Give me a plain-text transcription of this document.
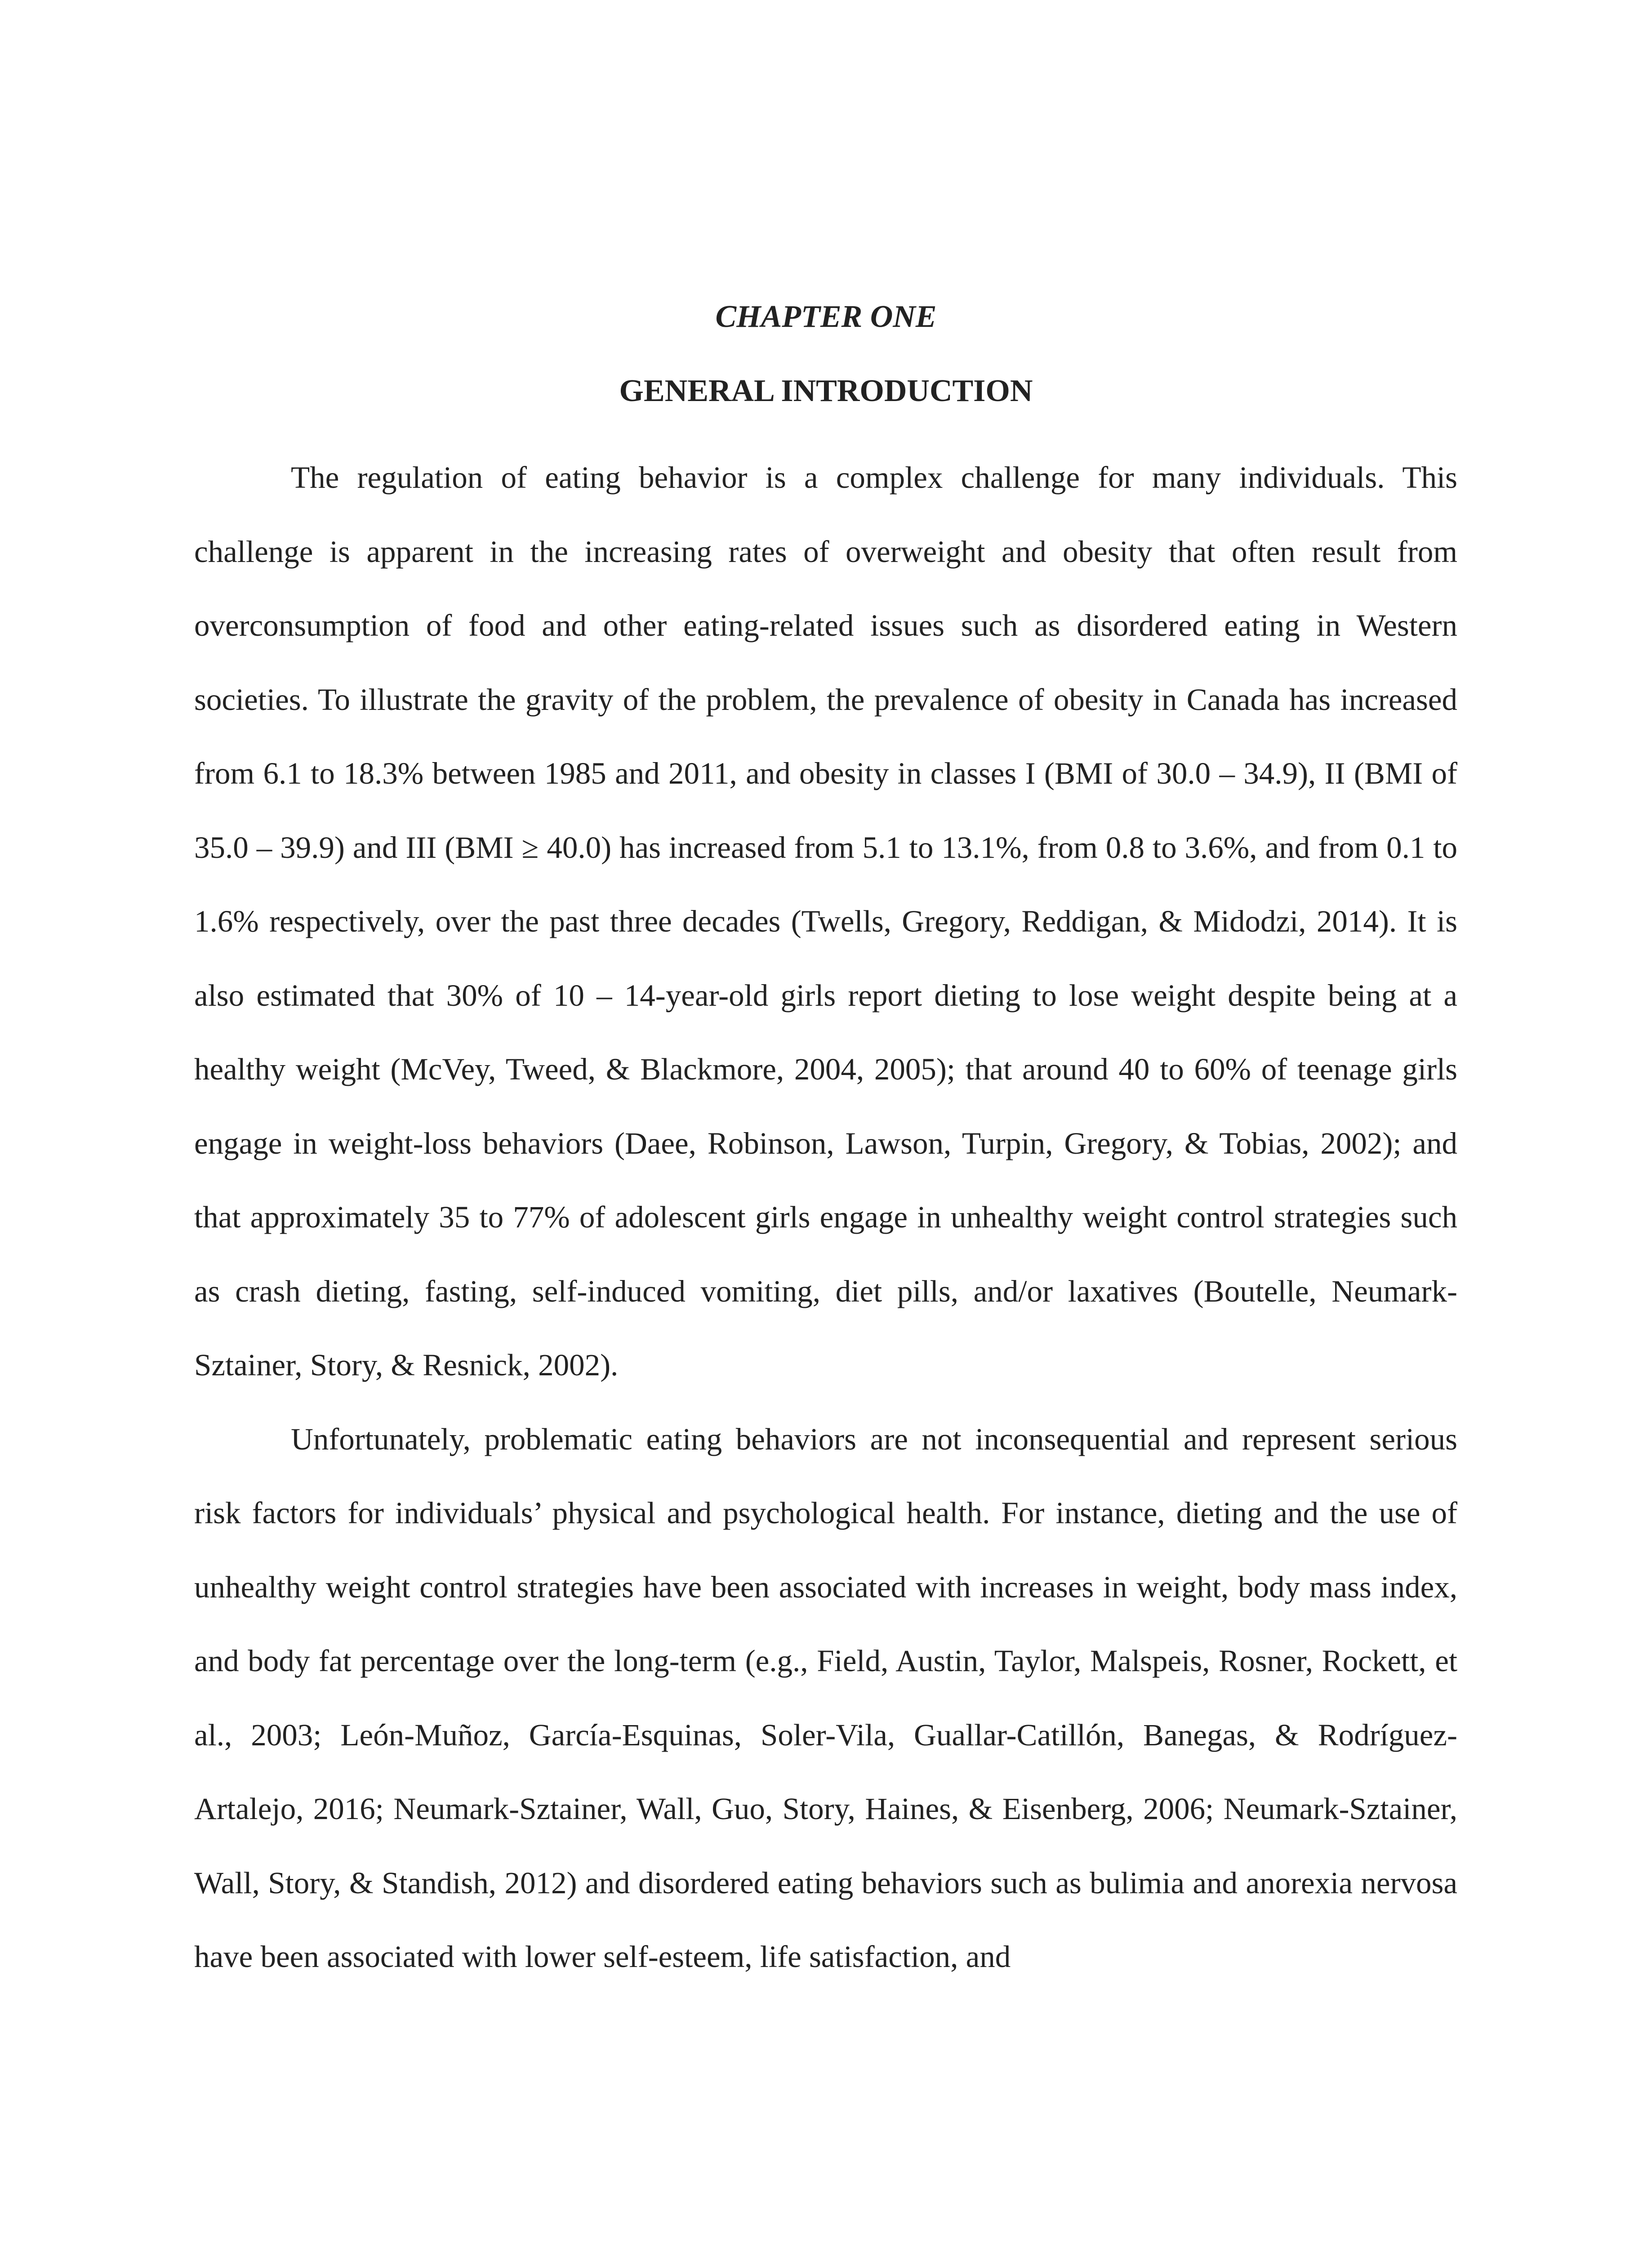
CHAPTER ONE
GENERAL INTRODUCTION

The regulation of eating behavior is a complex challenge for many individuals. This challenge is apparent in the increasing rates of overweight and obesity that often result from overconsumption of food and other eating-related issues such as disordered eating in Western societies. To illustrate the gravity of the problem, the prevalence of obesity in Canada has increased from 6.1 to 18.3% between 1985 and 2011, and obesity in classes I (BMI of 30.0 – 34.9), II (BMI of 35.0 – 39.9) and III (BMI ≥ 40.0) has increased from 5.1 to 13.1%, from 0.8 to 3.6%, and from 0.1 to 1.6% respectively, over the past three decades (Twells, Gregory, Reddigan, & Midodzi, 2014). It is also estimated that 30% of 10 – 14-year-old girls report dieting to lose weight despite being at a healthy weight (McVey, Tweed, & Blackmore, 2004, 2005); that around 40 to 60% of teenage girls engage in weight-loss behaviors (Daee, Robinson, Lawson, Turpin, Gregory, & Tobias, 2002); and that approximately 35 to 77% of adolescent girls engage in unhealthy weight control strategies such as crash dieting, fasting, self-induced vomiting, diet pills, and/or laxatives (Boutelle, Neumark-Sztainer, Story, & Resnick, 2002).

Unfortunately, problematic eating behaviors are not inconsequential and represent serious risk factors for individuals’ physical and psychological health. For instance, dieting and the use of unhealthy weight control strategies have been associated with increases in weight, body mass index, and body fat percentage over the long-term (e.g., Field, Austin, Taylor, Malspeis, Rosner, Rockett, et al., 2003; León-Muñoz, García-Esquinas, Soler-Vila, Guallar-Catillón, Banegas, & Rodríguez-Artalejo, 2016; Neumark-Sztainer, Wall, Guo, Story, Haines, & Eisenberg, 2006; Neumark-Sztainer, Wall, Story, & Standish, 2012) and disordered eating behaviors such as bulimia and anorexia nervosa have been associated with lower self-esteem, life satisfaction, and
